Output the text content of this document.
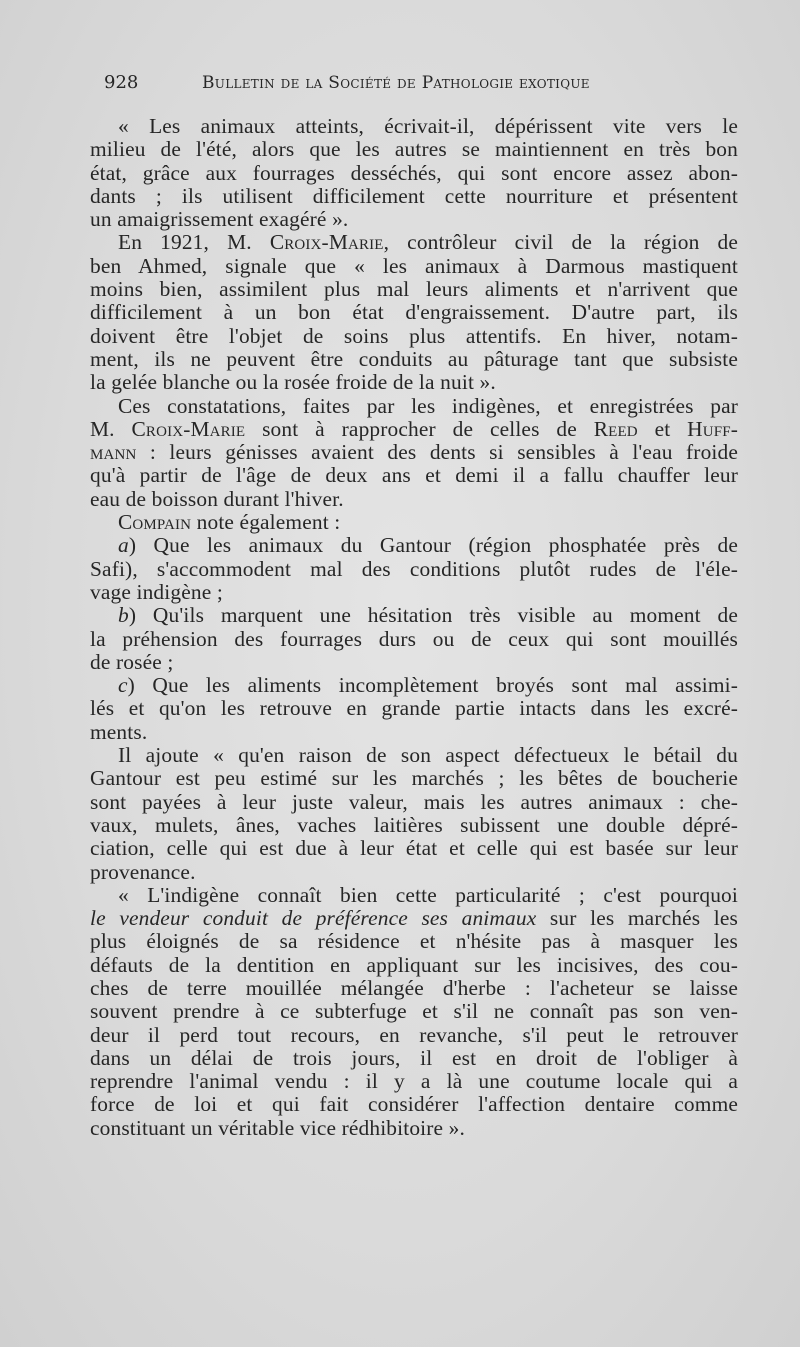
928	Bulletin de la Société de Pathologie exotique
« Les animaux atteints, écrivait-il, dépérissent vite vers le
milieu de l'été, alors que les autres se maintiennent en très bon
état, grâce aux fourrages desséchés, qui sont encore assez abon-
dants ; ils utilisent difficilement cette nourriture et présentent
un amaigrissement exagéré ».
En 1921, M. Croix-Marie, contrôleur civil de la région de
ben Ahmed, signale que « les animaux à Darmous mastiquent
moins bien, assimilent plus mal leurs aliments et n'arrivent que
difficilement à un bon état d'engraissement. D'autre part, ils
doivent être l'objet de soins plus attentifs. En hiver, notam-
ment, ils ne peuvent être conduits au pâturage tant que subsiste
la gelée blanche ou la rosée froide de la nuit ».
Ces constatations, faites par les indigènes, et enregistrées par
M. Croix-Marie sont à rapprocher de celles de Reed et Huff-
mann : leurs génisses avaient des dents si sensibles à l'eau froide
qu'à partir de l'âge de deux ans et demi il a fallu chauffer leur
eau de boisson durant l'hiver.
Compain note également :
a) Que les animaux du Gantour (région phosphatée près de
Safi), s'accommodent mal des conditions plutôt rudes de l'éle-
vage indigène ;
b) Qu'ils marquent une hésitation très visible au moment de
la préhension des fourrages durs ou de ceux qui sont mouillés
de rosée ;
c) Que les aliments incomplètement broyés sont mal assimi-
lés et qu'on les retrouve en grande partie intacts dans les excré-
ments.
Il ajoute « qu'en raison de son aspect défectueux le bétail du
Gantour est peu estimé sur les marchés ; les bêtes de boucherie
sont payées à leur juste valeur, mais les autres animaux : che-
vaux, mulets, ânes, vaches laitières subissent une double dépré-
ciation, celle qui est due à leur état et celle qui est basée sur leur
provenance.
« L'indigène connaît bien cette particularité ; c'est pourquoi
le vendeur conduit de préférence ses animaux sur les marchés les
plus éloignés de sa résidence et n'hésite pas à masquer les
défauts de la dentition en appliquant sur les incisives, des cou-
ches de terre mouillée mélangée d'herbe : l'acheteur se laisse
souvent prendre à ce subterfuge et s'il ne connaît pas son ven-
deur il perd tout recours, en revanche, s'il peut le retrouver
dans un délai de trois jours, il est en droit de l'obliger à
reprendre l'animal vendu : il y a là une coutume locale qui a
force de loi et qui fait considérer l'affection dentaire comme
constituant un véritable vice rédhibitoire ».
